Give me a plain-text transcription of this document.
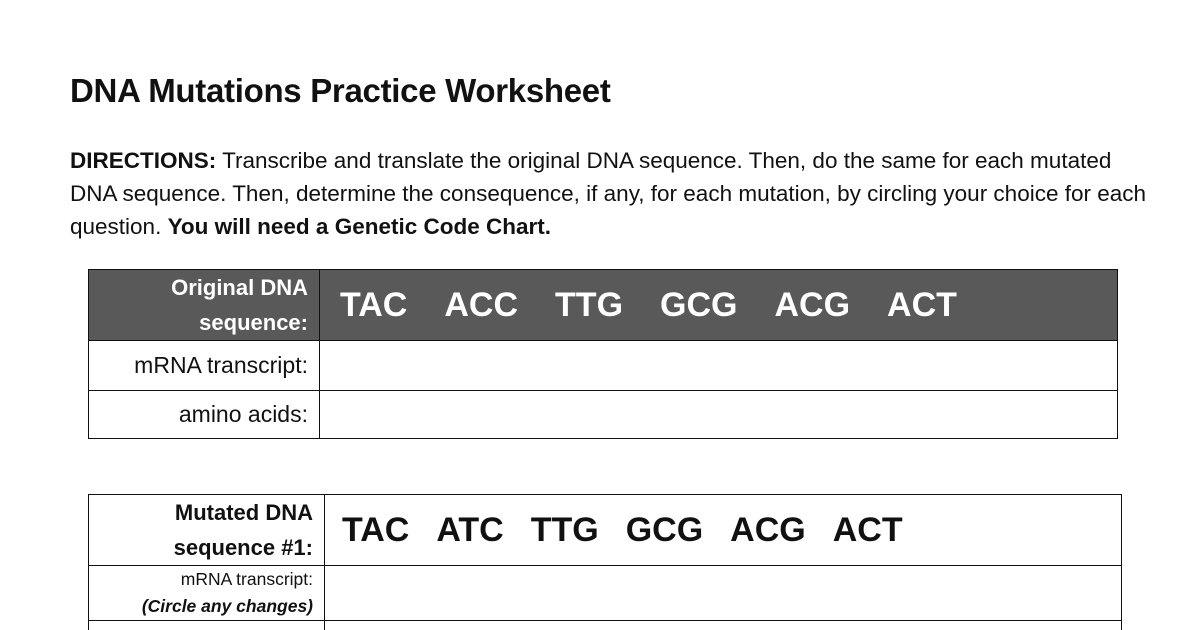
DNA Mutations Practice Worksheet
DIRECTIONS: Transcribe and translate the original DNA sequence. Then, do the same for each mutated DNA sequence. Then, determine the consequence, if any, for each mutation, by circling your choice for each question. You will need a Genetic Code Chart.
Original DNA
sequence:	TAC ACC TTG GCG ACG ACT
mRNA transcript:	
amino acids:	
Mutated DNA
sequence #1:	TAC ATC TTG GCG ACG ACT

mRNA transcript:
(Circle any changes)	
